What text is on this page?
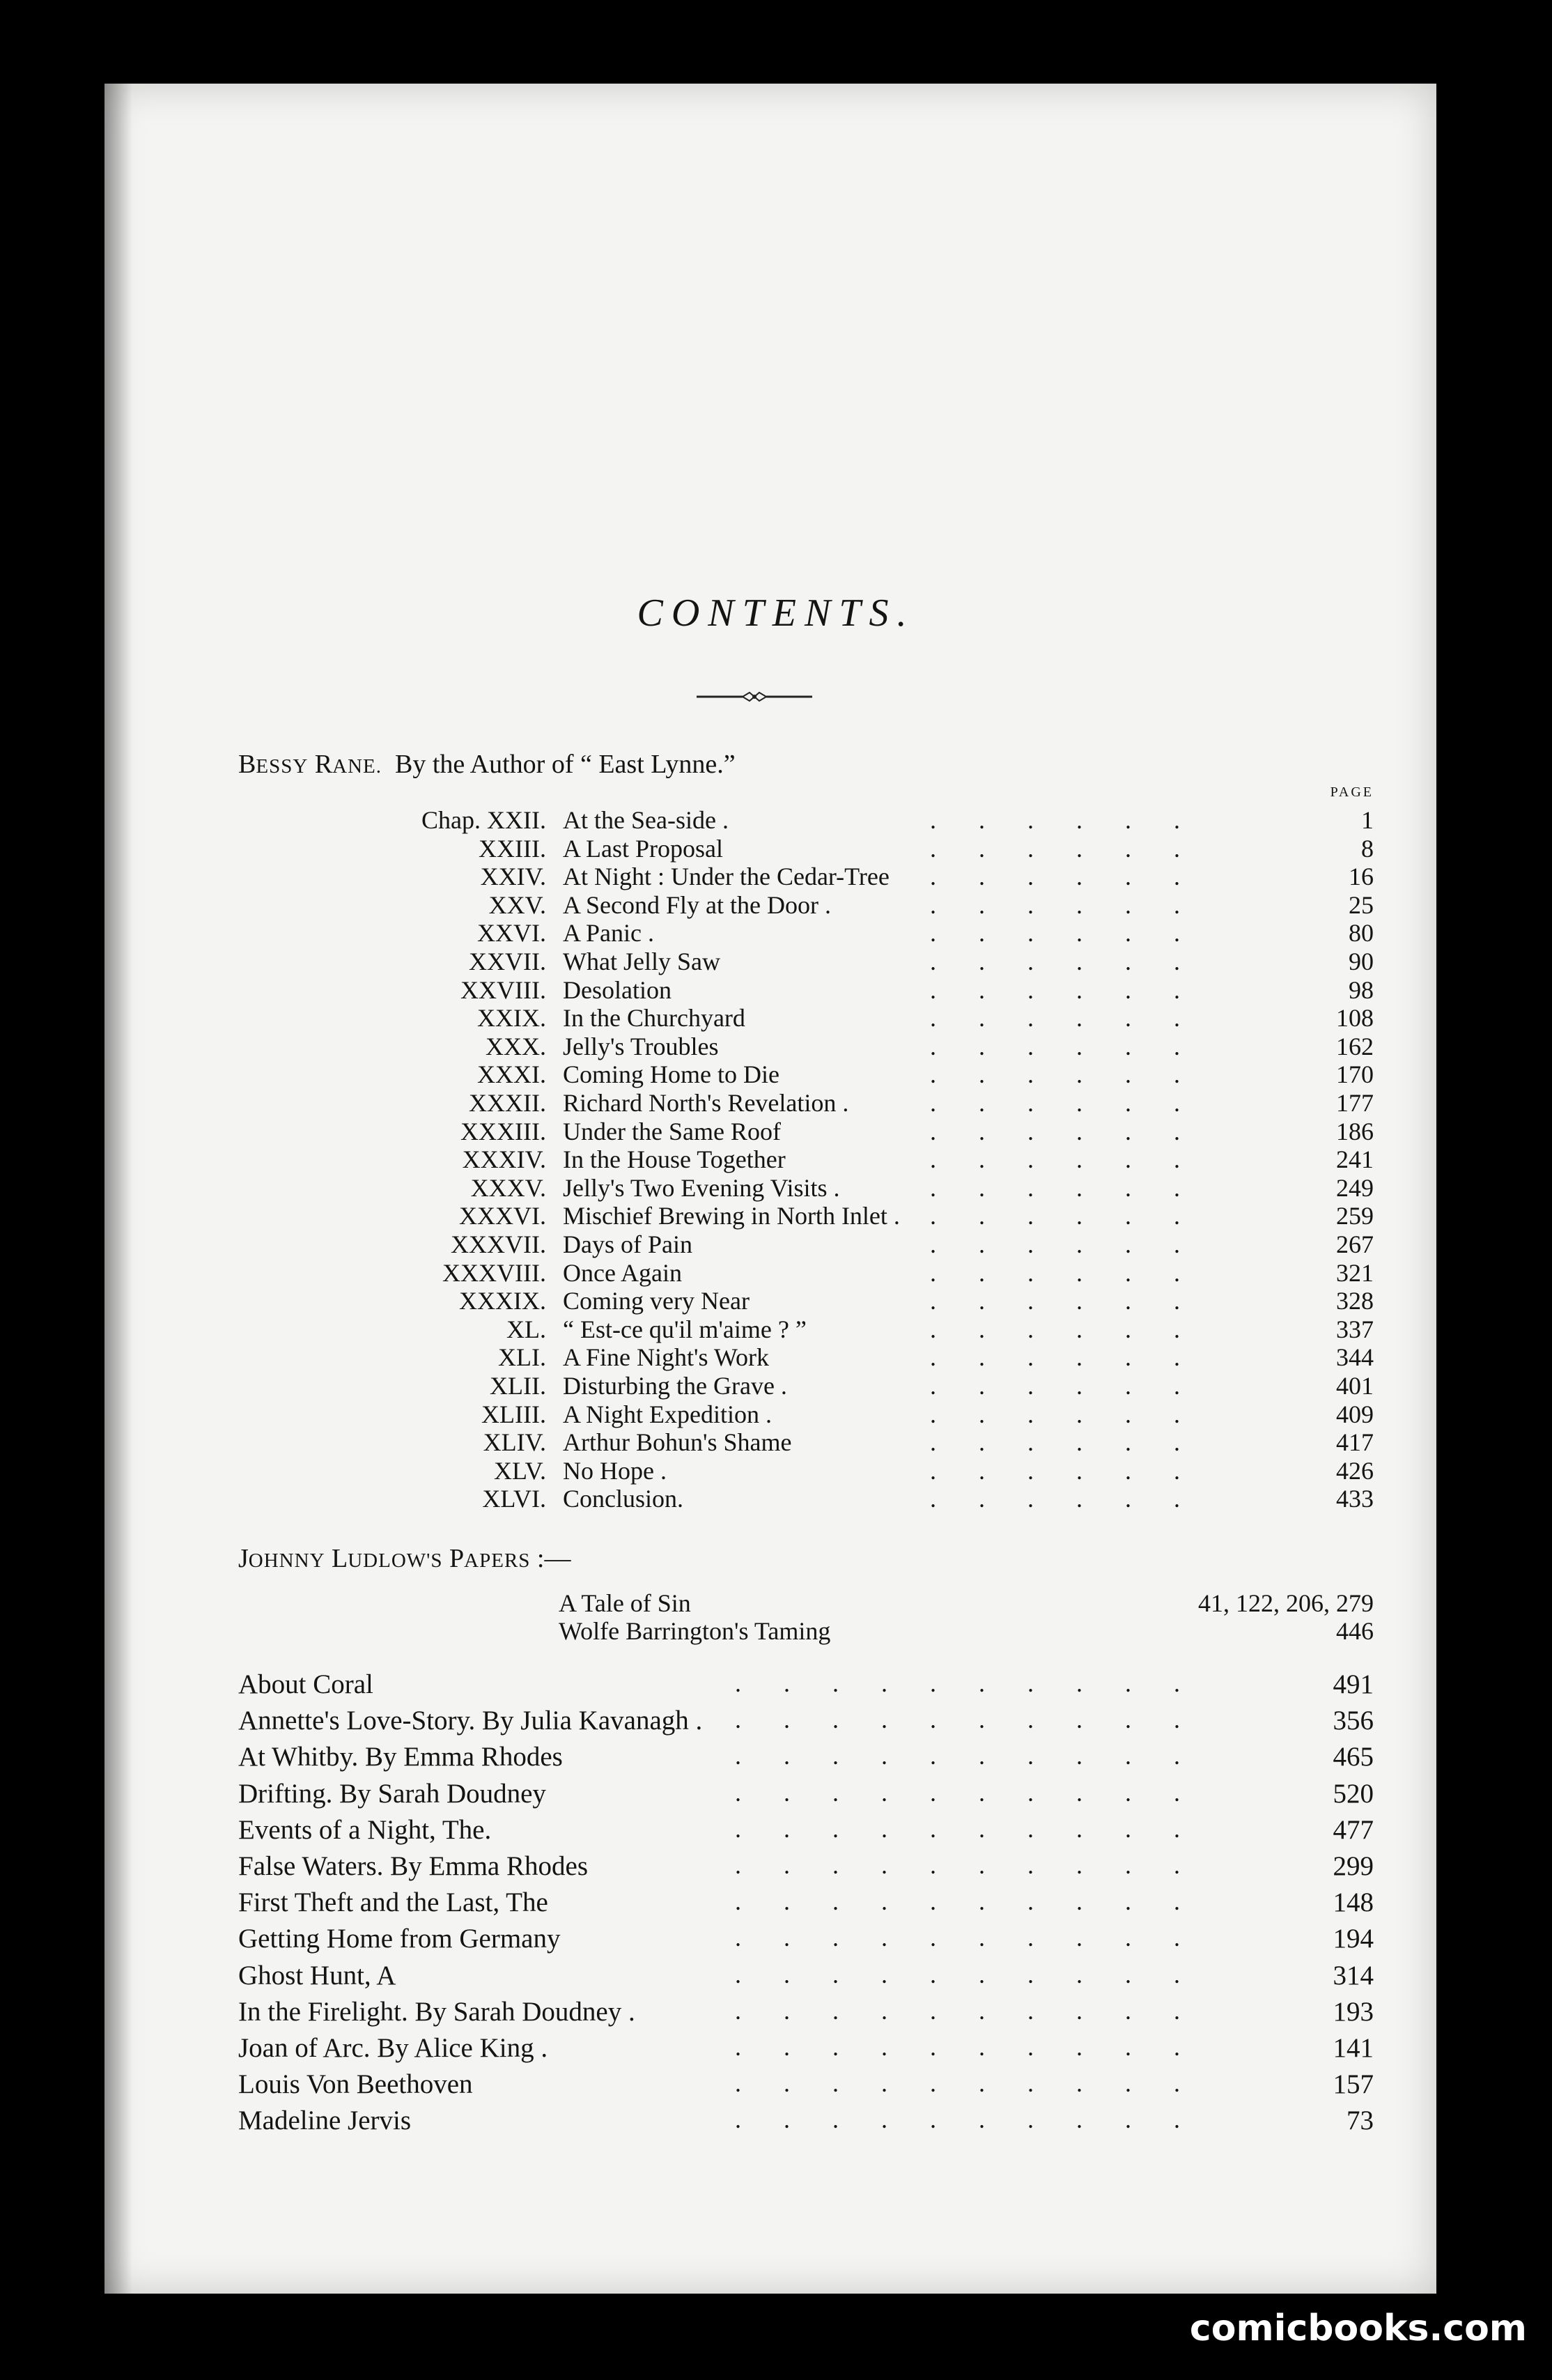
CONTENTS.
BESSY RANE. By the Author of “ East Lynne.”
PAGE
Chap. XXII. At the Sea-side .	. . . . . .	1
XXIII. A Last Proposal	. . . . . .	8
XXIV. At Night : Under the Cedar-Tree . . . . . .	16
XXV. A Second Fly at the Door .	. . . . . .	25
XXVI. A Panic .	. . . . . .	80
XXVII. What Jelly Saw	. . . . . .	90
XXVIII. Desolation	. . . . . .	98
XXIX. In the Churchyard	. . . . . .	108
XXX. Jelly's Troubles	. . . . . .	162
XXXI. Coming Home to Die	. . . . . .	170
XXXII. Richard North's Revelation .	. . . . . .	177
XXXIII. Under the Same Roof	. . . . . .	186
XXXIV. In the House Together	. . . . . .	241
XXXV. Jelly's Two Evening Visits .	. . . . . .	249
XXXVI. Mischief Brewing in North Inlet . . . . . . .	259
XXXVII. Days of Pain	. . . . . .	267
XXXVIII. Once Again	. . . . . .	321
XXXIX. Coming very Near	. . . . . .	328
XL. “ Est-ce qu'il m'aime ? ”	. . . . . .	337
XLI. A Fine Night's Work	. . . . . .	344
XLII. Disturbing the Grave .	. . . . . .	401
XLIII. A Night Expedition .	. . . . . .	409
XLIV. Arthur Bohun's Shame	. . . . . .	417
XLV. No Hope .	. . . . . .	426
XLVI. Conclusion.	. . . . . .	433
JOHNNY LUDLOW'S PAPERS :—
A Tale of Sin	41, 122, 206, 279
Wolfe Barrington's Taming	446
About Coral	. . . . . . . . . .	491
Annette's Love-Story. By Julia Kavanagh . . . . . . . . . . .	356
At Whitby. By Emma Rhodes	. . . . . . . . . .	465
Drifting. By Sarah Doudney	. . . . . . . . . .	520
Events of a Night, The.	. . . . . . . . . .	477
False Waters. By Emma Rhodes	. . . . . . . . . .	299
First Theft and the Last, The	. . . . . . . . . .	148
Getting Home from Germany	. . . . . . . . . .	194
Ghost Hunt, A	. . . . . . . . . .	314
In the Firelight. By Sarah Doudney .	. . . . . . . . . .	193
Joan of Arc. By Alice King .	. . . . . . . . . .	141
Louis Von Beethoven	. . . . . . . . . .	157
Madeline Jervis	. . . . . . . . . .	73
comicbooks.com
